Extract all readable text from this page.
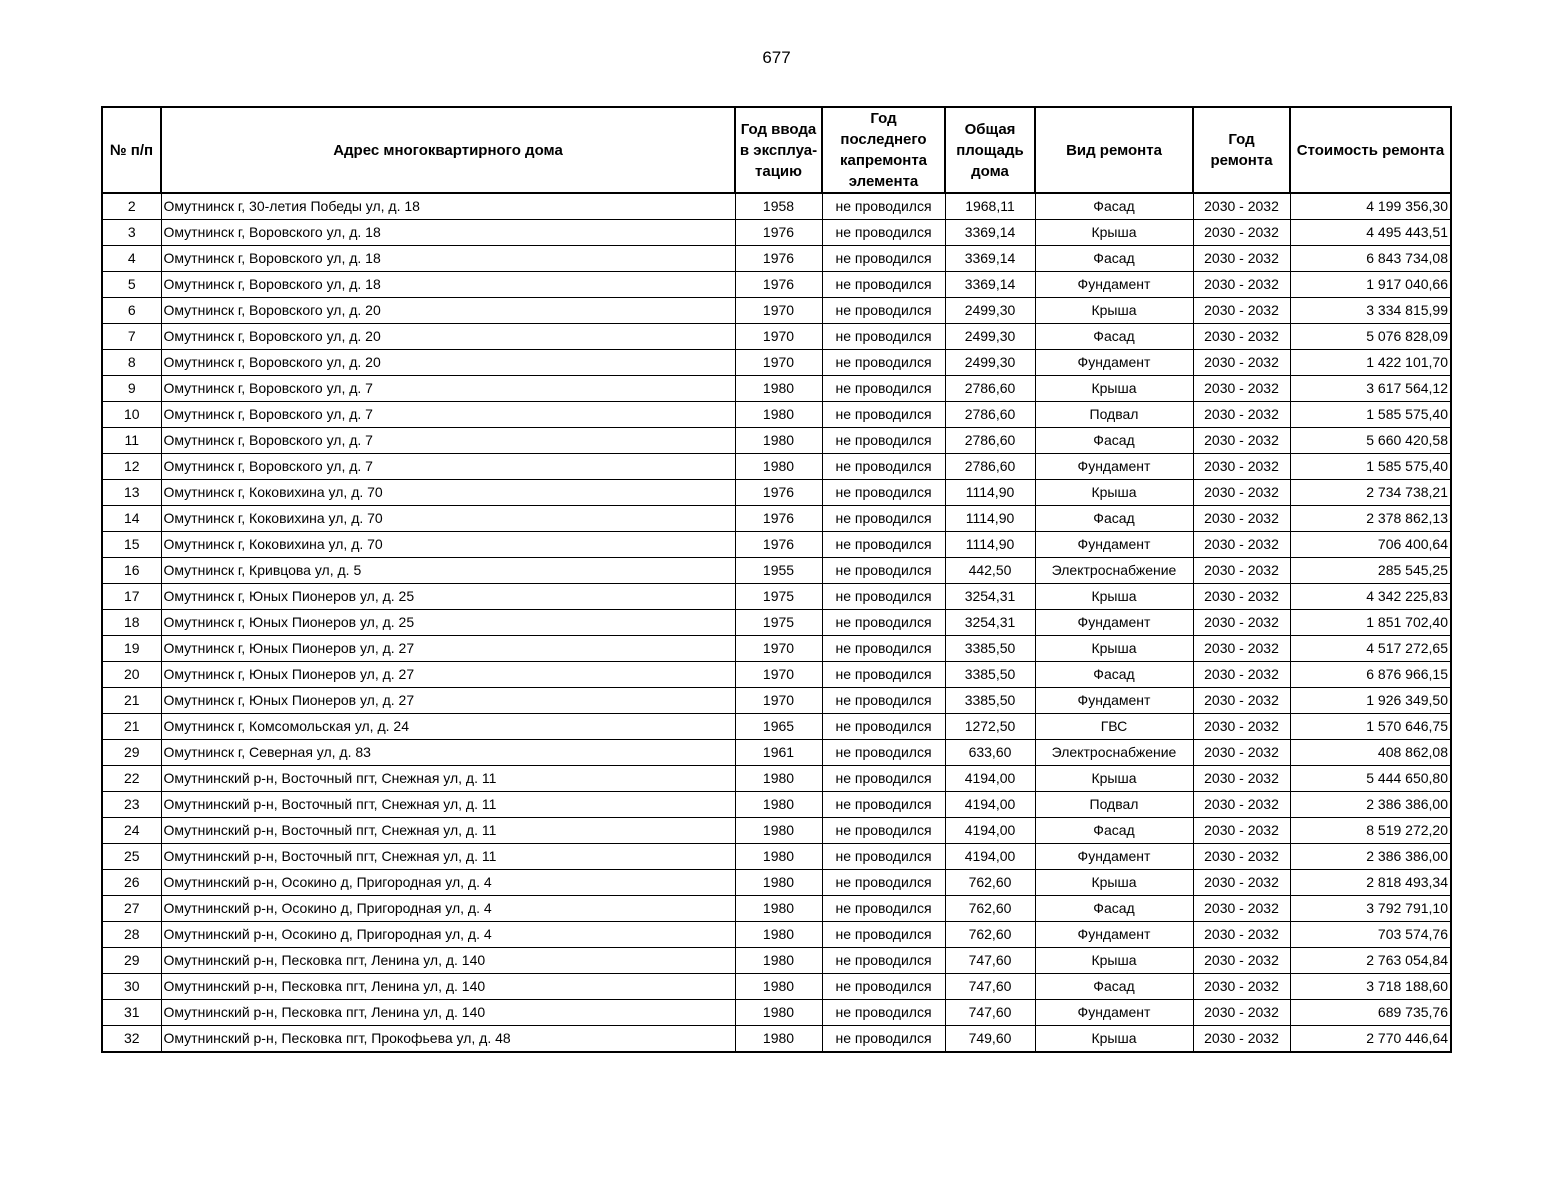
677
№ п/п	Адрес многоквартирного дома	Год ввода в эксплуа-тацию	Год последнего капремонта элемента	Общая площадь дома	Вид ремонта	Год ремонта	Стоимость ремонта
2	Омутнинск г, 30-летия Победы ул, д. 18	1958	не проводился	1968,11	Фасад	2030 - 2032	4 199 356,30
3	Омутнинск г, Воровского ул, д. 18	1976	не проводился	3369,14	Крыша	2030 - 2032	4 495 443,51
4	Омутнинск г, Воровского ул, д. 18	1976	не проводился	3369,14	Фасад	2030 - 2032	6 843 734,08
5	Омутнинск г, Воровского ул, д. 18	1976	не проводился	3369,14	Фундамент	2030 - 2032	1 917 040,66
6	Омутнинск г, Воровского ул, д. 20	1970	не проводился	2499,30	Крыша	2030 - 2032	3 334 815,99
7	Омутнинск г, Воровского ул, д. 20	1970	не проводился	2499,30	Фасад	2030 - 2032	5 076 828,09
8	Омутнинск г, Воровского ул, д. 20	1970	не проводился	2499,30	Фундамент	2030 - 2032	1 422 101,70
9	Омутнинск г, Воровского ул, д. 7	1980	не проводился	2786,60	Крыша	2030 - 2032	3 617 564,12
10	Омутнинск г, Воровского ул, д. 7	1980	не проводился	2786,60	Подвал	2030 - 2032	1 585 575,40
11	Омутнинск г, Воровского ул, д. 7	1980	не проводился	2786,60	Фасад	2030 - 2032	5 660 420,58
12	Омутнинск г, Воровского ул, д. 7	1980	не проводился	2786,60	Фундамент	2030 - 2032	1 585 575,40
13	Омутнинск г, Коковихина ул, д. 70	1976	не проводился	1114,90	Крыша	2030 - 2032	2 734 738,21
14	Омутнинск г, Коковихина ул, д. 70	1976	не проводился	1114,90	Фасад	2030 - 2032	2 378 862,13
15	Омутнинск г, Коковихина ул, д. 70	1976	не проводился	1114,90	Фундамент	2030 - 2032	706 400,64
16	Омутнинск г, Кривцова ул, д. 5	1955	не проводился	442,50	Электроснабжение	2030 - 2032	285 545,25
17	Омутнинск г, Юных Пионеров ул, д. 25	1975	не проводился	3254,31	Крыша	2030 - 2032	4 342 225,83
18	Омутнинск г, Юных Пионеров ул, д. 25	1975	не проводился	3254,31	Фундамент	2030 - 2032	1 851 702,40
19	Омутнинск г, Юных Пионеров ул, д. 27	1970	не проводился	3385,50	Крыша	2030 - 2032	4 517 272,65
20	Омутнинск г, Юных Пионеров ул, д. 27	1970	не проводился	3385,50	Фасад	2030 - 2032	6 876 966,15
21	Омутнинск г, Юных Пионеров ул, д. 27	1970	не проводился	3385,50	Фундамент	2030 - 2032	1 926 349,50
21	Омутнинск г, Комсомольская ул, д. 24	1965	не проводился	1272,50	ГВС	2030 - 2032	1 570 646,75
29	Омутнинск г, Северная ул, д. 83	1961	не проводился	633,60	Электроснабжение	2030 - 2032	408 862,08
22	Омутнинский р-н, Восточный пгт, Снежная ул, д. 11	1980	не проводился	4194,00	Крыша	2030 - 2032	5 444 650,80
23	Омутнинский р-н, Восточный пгт, Снежная ул, д. 11	1980	не проводился	4194,00	Подвал	2030 - 2032	2 386 386,00
24	Омутнинский р-н, Восточный пгт, Снежная ул, д. 11	1980	не проводился	4194,00	Фасад	2030 - 2032	8 519 272,20
25	Омутнинский р-н, Восточный пгт, Снежная ул, д. 11	1980	не проводился	4194,00	Фундамент	2030 - 2032	2 386 386,00
26	Омутнинский р-н, Осокино д, Пригородная ул, д. 4	1980	не проводился	762,60	Крыша	2030 - 2032	2 818 493,34
27	Омутнинский р-н, Осокино д, Пригородная ул, д. 4	1980	не проводился	762,60	Фасад	2030 - 2032	3 792 791,10
28	Омутнинский р-н, Осокино д, Пригородная ул, д. 4	1980	не проводился	762,60	Фундамент	2030 - 2032	703 574,76
29	Омутнинский р-н, Песковка пгт, Ленина ул, д. 140	1980	не проводился	747,60	Крыша	2030 - 2032	2 763 054,84
30	Омутнинский р-н, Песковка пгт, Ленина ул, д. 140	1980	не проводился	747,60	Фасад	2030 - 2032	3 718 188,60
31	Омутнинский р-н, Песковка пгт, Ленина ул, д. 140	1980	не проводился	747,60	Фундамент	2030 - 2032	689 735,76
32	Омутнинский р-н, Песковка пгт, Прокофьева ул, д. 48	1980	не проводился	749,60	Крыша	2030 - 2032	2 770 446,64
